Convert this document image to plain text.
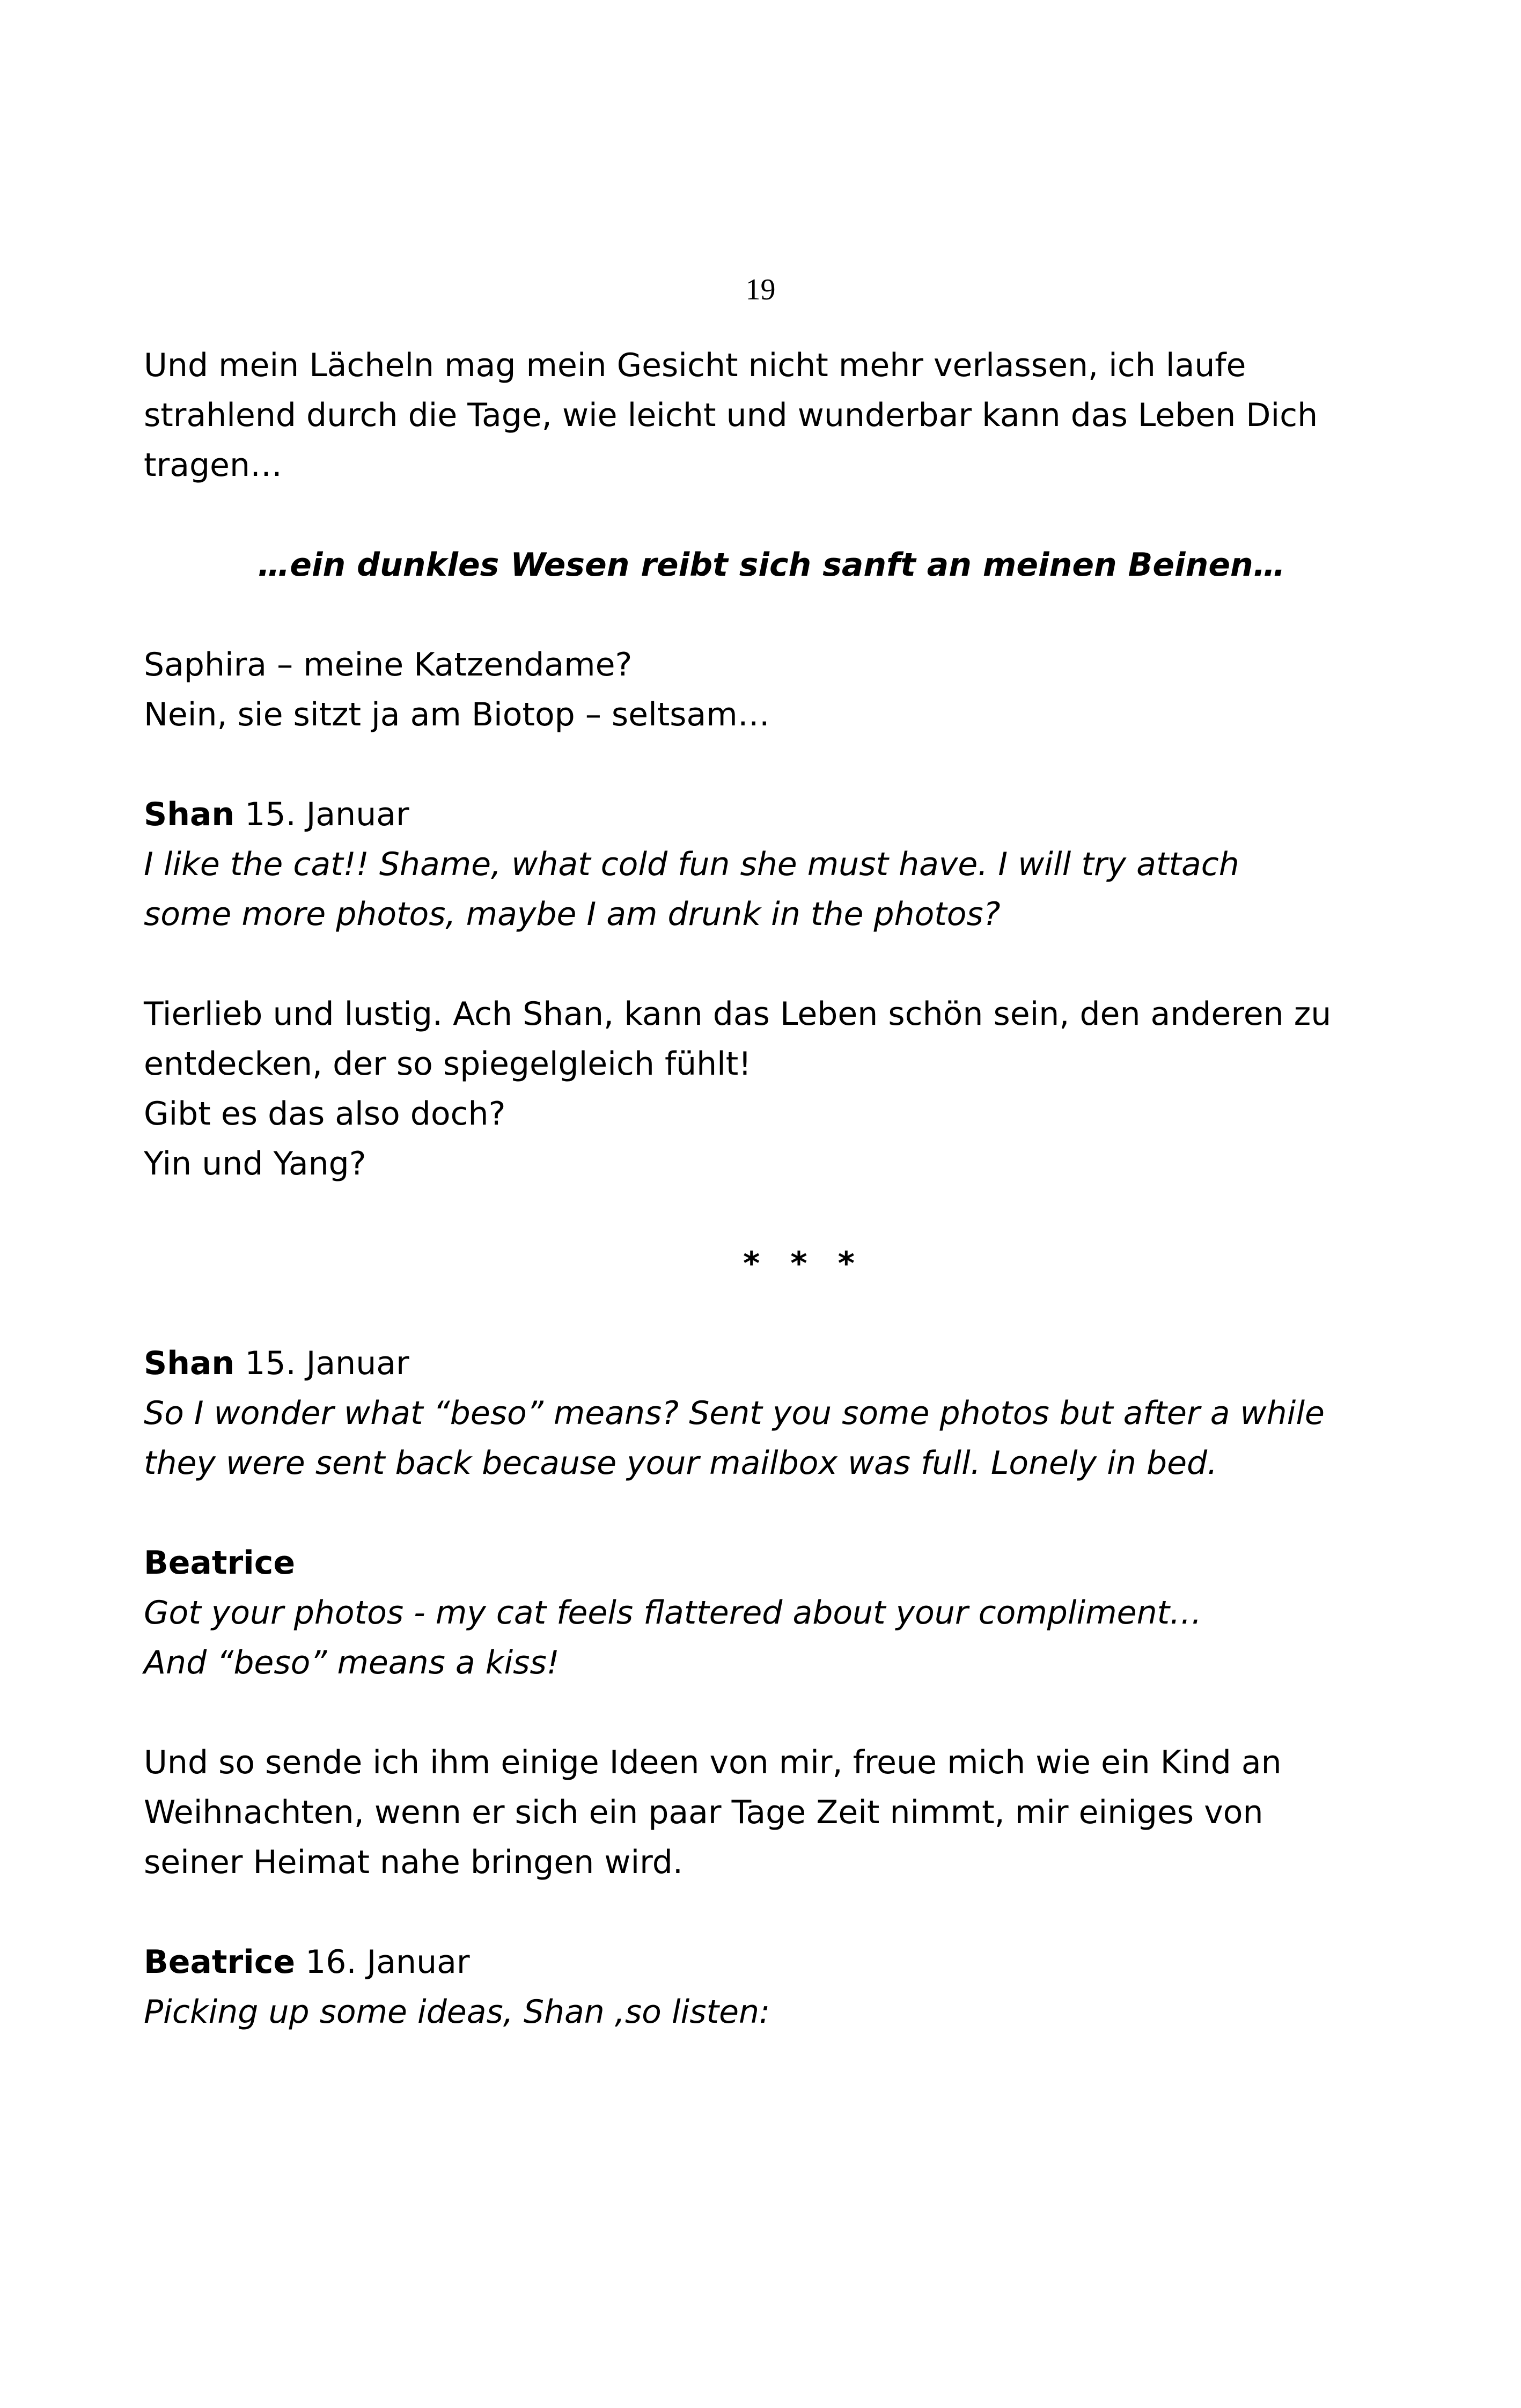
19
Und mein Lächeln mag mein Gesicht nicht mehr verlassen, ich laufe
strahlend durch die Tage, wie leicht und wunderbar kann das Leben Dich
tragen…
…ein dunkles Wesen reibt sich sanft an meinen Beinen…
Saphira – meine Katzendame?
Nein, sie sitzt ja am Biotop – seltsam…
Shan 15. Januar
I like the cat!! Shame, what cold fun she must have. I will try attach
some more photos, maybe I am drunk in the photos?
Tierlieb und lustig. Ach Shan, kann das Leben schön sein, den anderen zu
entdecken, der so spiegelgleich fühlt!
Gibt es das also doch?
Yin und Yang?
* * *
Shan 15. Januar
So I wonder what “beso” means? Sent you some photos but after a while
they were sent back because your mailbox was full. Lonely in bed.
Beatrice
Got your photos - my cat feels flattered about your compliment…
And “beso” means a kiss!
Und so sende ich ihm einige Ideen von mir, freue mich wie ein Kind an
Weihnachten, wenn er sich ein paar Tage Zeit nimmt, mir einiges von
seiner Heimat nahe bringen wird.
Beatrice 16. Januar
Picking up some ideas, Shan ,so listen:
